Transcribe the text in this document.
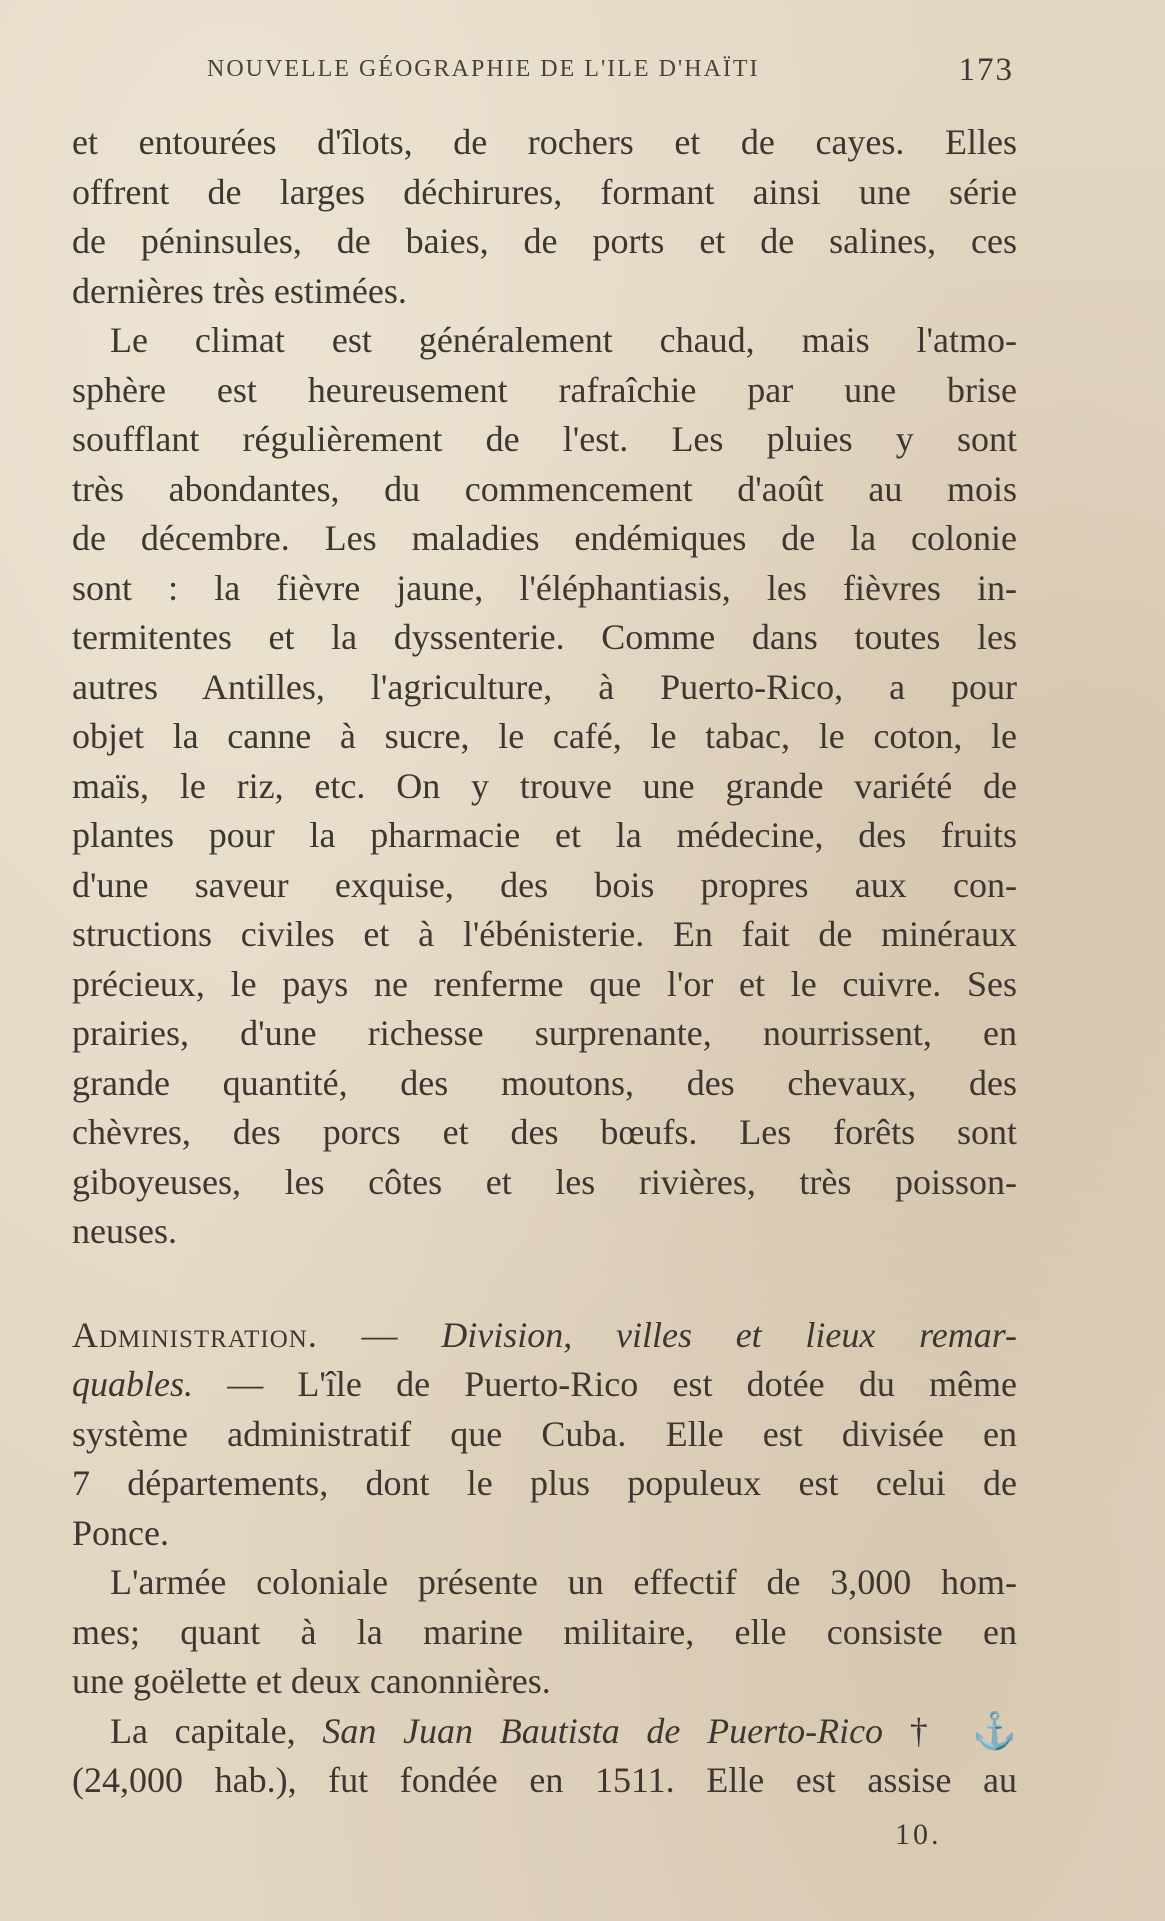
NOUVELLE GÉOGRAPHIE DE L'ILE D'HAÏTI	173
et entourées d'îlots, de rochers et de cayes. Elles
offrent de larges déchirures, formant ainsi une série
de péninsules, de baies, de ports et de salines, ces
dernières très estimées.
Le climat est généralement chaud, mais l'atmo-
sphère est heureusement rafraîchie par une brise
soufflant régulièrement de l'est. Les pluies y sont
très abondantes, du commencement d'août au mois
de décembre. Les maladies endémiques de la colonie
sont : la fièvre jaune, l'éléphantiasis, les fièvres in-
termitentes et la dyssenterie. Comme dans toutes les
autres Antilles, l'agriculture, à Puerto-Rico, a pour
objet la canne à sucre, le café, le tabac, le coton, le
maïs, le riz, etc. On y trouve une grande variété de
plantes pour la pharmacie et la médecine, des fruits
d'une saveur exquise, des bois propres aux con-
structions civiles et à l'ébénisterie. En fait de minéraux
précieux, le pays ne renferme que l'or et le cuivre. Ses
prairies, d'une richesse surprenante, nourrissent, en
grande quantité, des moutons, des chevaux, des
chèvres, des porcs et des bœufs. Les forêts sont
giboyeuses, les côtes et les rivières, très poisson-
neuses.
Administration. — Division, villes et lieux remar-
quables. — L'île de Puerto-Rico est dotée du même
système administratif que Cuba. Elle est divisée en
7 départements, dont le plus populeux est celui de
Ponce.
L'armée coloniale présente un effectif de 3,000 hom-
mes; quant à la marine militaire, elle consiste en
une goëlette et deux canonnières.
La capitale, San Juan Bautista de Puerto-Rico † ⚓
(24,000 hab.), fut fondée en 1511. Elle est assise au
10.
